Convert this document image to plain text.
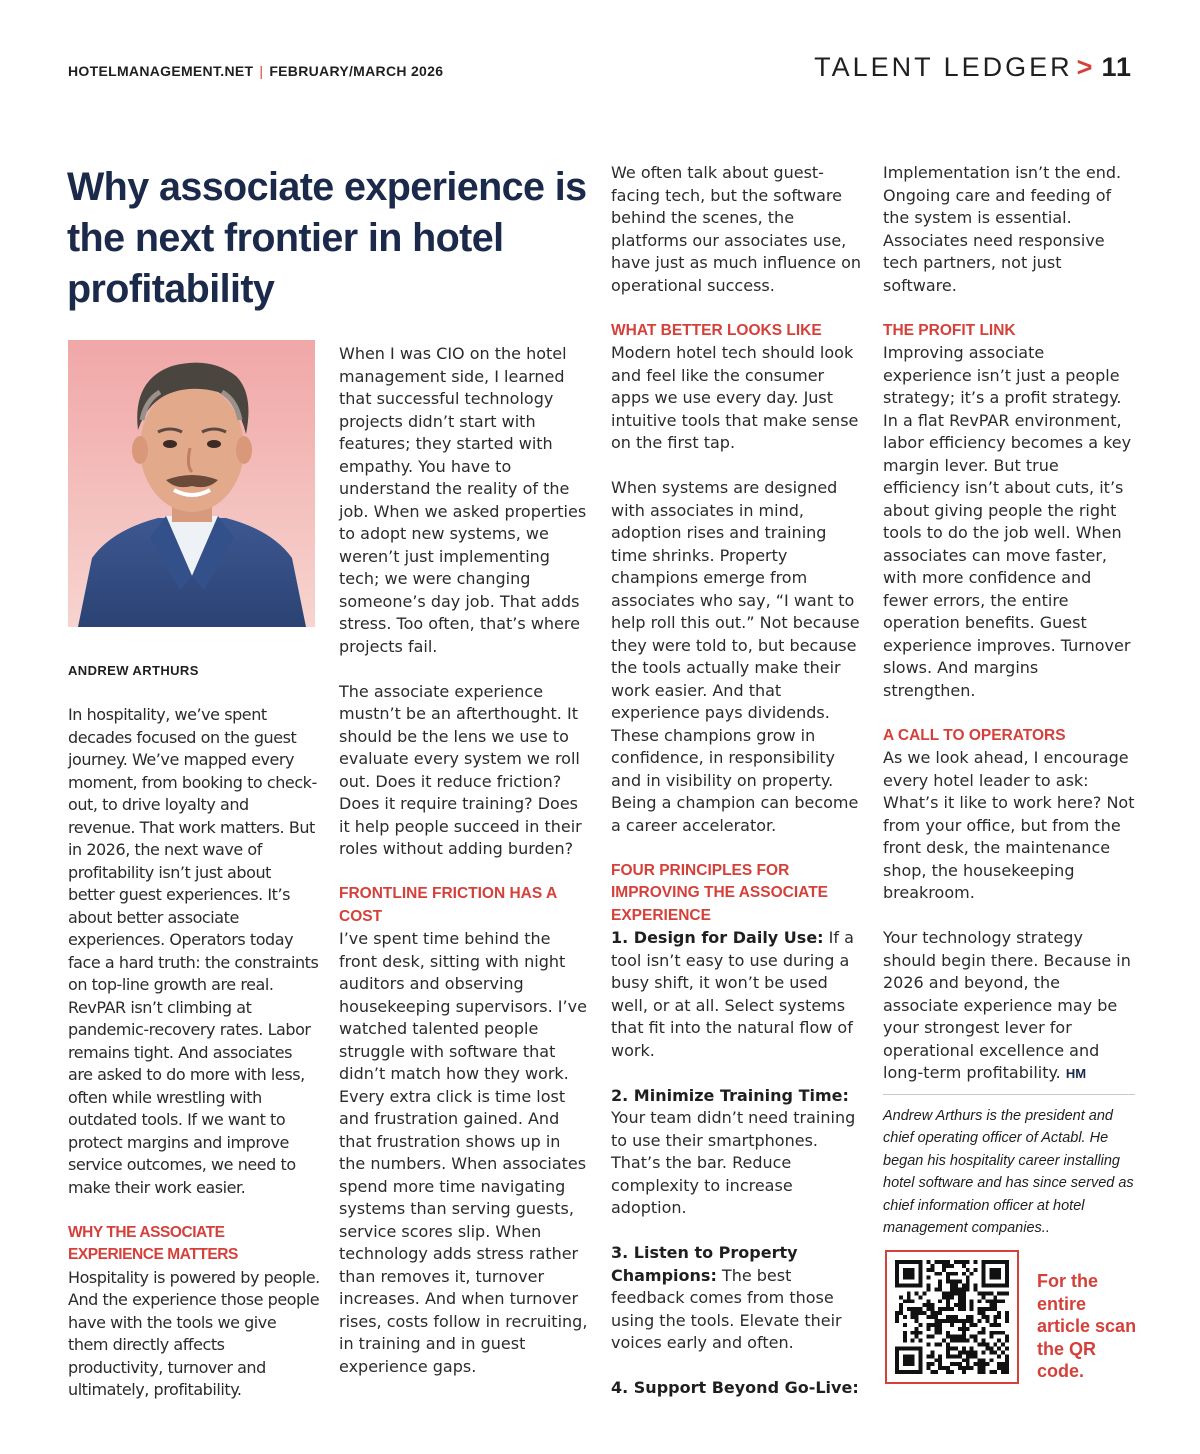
HOTELMANAGEMENT.NET | FEBRUARY/MARCH 2026	TALENT LEDGER > 11
Why associate experience is the next frontier in hotel profitability
ANDREW ARTHURS

In hospitality, we’ve spent decades focused on the guest journey. We’ve mapped every moment, from booking to check-out, to drive loyalty and revenue. That work matters. But in 2026, the next wave of profitability isn’t just about better guest experiences. It’s about better associate experiences. Operators today face a hard truth: the constraints on top-line growth are real. RevPAR isn’t climbing at pandemic-recovery rates. Labor remains tight. And associates are asked to do more with less, often while wrestling with outdated tools. If we want to protect margins and improve service outcomes, we need to make their work easier.

WHY THE ASSOCIATE EXPERIENCE MATTERS

Hospitality is powered by people. And the experience those people have with the tools we give them directly affects productivity, turnover and ultimately, profitability.

When I was CIO on the hotel management side, I learned that successful technology projects didn’t start with features; they started with empathy. You have to understand the reality of the job. When we asked properties to adopt new systems, we weren’t just implementing tech; we were changing someone’s day job. That adds stress. Too often, that’s where projects fail.

The associate experience mustn’t be an afterthought. It should be the lens we use to evaluate every system we roll out. Does it reduce friction? Does it require training? Does it help people succeed in their roles without adding burden?

FRONTLINE FRICTION HAS A COST

I’ve spent time behind the front desk, sitting with night auditors and observing housekeeping supervisors. I’ve watched talented people struggle with software that didn’t match how they work. Every extra click is time lost and frustration gained. And that frustration shows up in the numbers. When associates spend more time navigating systems than serving guests, service scores slip. When technology adds stress rather than removes it, turnover increases. And when turnover rises, costs follow in recruiting, in training and in guest experience gaps.

We often talk about guest-facing tech, but the software behind the scenes, the platforms our associates use, have just as much influence on operational success.

WHAT BETTER LOOKS LIKE

Modern hotel tech should look and feel like the consumer apps we use every day. Just intuitive tools that make sense on the first tap.

When systems are designed with associates in mind, adoption rises and training time shrinks. Property champions emerge from associates who say, “I want to help roll this out.” Not because they were told to, but because the tools actually make their work easier. And that experience pays dividends. These champions grow in confidence, in responsibility and in visibility on property. Being a champion can become a career accelerator.

FOUR PRINCIPLES FOR IMPROVING THE ASSOCIATE EXPERIENCE

1. Design for Daily Use: If a tool isn’t easy to use during a busy shift, it won’t be used well, or at all. Select systems that fit into the natural flow of work.

2. Minimize Training Time:
Your team didn’t need training to use their smartphones. That’s the bar. Reduce complexity to increase adoption.

3. Listen to Property Champions: The best feedback comes from those using the tools. Elevate their voices early and often.

4. Support Beyond Go-Live:

Implementation isn’t the end. Ongoing care and feeding of the system is essential. Associates need responsive tech partners, not just software.

THE PROFIT LINK

Improving associate experience isn’t just a people strategy; it’s a profit strategy. In a flat RevPAR environment, labor efficiency becomes a key margin lever. But true efficiency isn’t about cuts, it’s about giving people the right tools to do the job well. When associates can move faster, with more confidence and fewer errors, the entire operation benefits. Guest experience improves. Turnover slows. And margins strengthen.

A CALL TO OPERATORS

As we look ahead, I encourage every hotel leader to ask: What’s it like to work here? Not from your office, but from the front desk, the maintenance shop, the housekeeping breakroom.

Your technology strategy should begin there. Because in 2026 and beyond, the associate experience may be your strongest lever for operational excellence and long-term profitability. HM

Andrew Arthurs is the president and chief operating officer of Actabl. He began his hospitality career installing hotel software and has since served as chief information officer at hotel management companies..

For the entire article scan the QR code.
